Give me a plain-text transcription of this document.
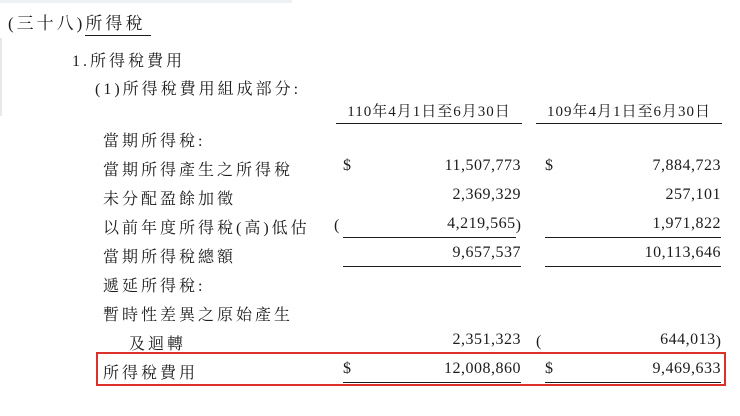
(三十八)所得稅
1.所得稅費用
(1)所得稅費用組成部分:
110年4月1日至6月30日	109年4月1日至6月30日
當期所得稅:
當期所得產生之所得稅	$	11,507,773 $	7,884,723
未分配盈餘加徵	2,369,329	257,101
以前年度所得稅(高)低估 (	4,219,565 )	1,971,822
當期所得稅總額	9,657,537	10,113,646
遞延所得稅:
暫時性差異之原始產生
及迴轉	2,351,323 (	644,013 )
所得稅費用	$	12,008,860 $	9,469,633
